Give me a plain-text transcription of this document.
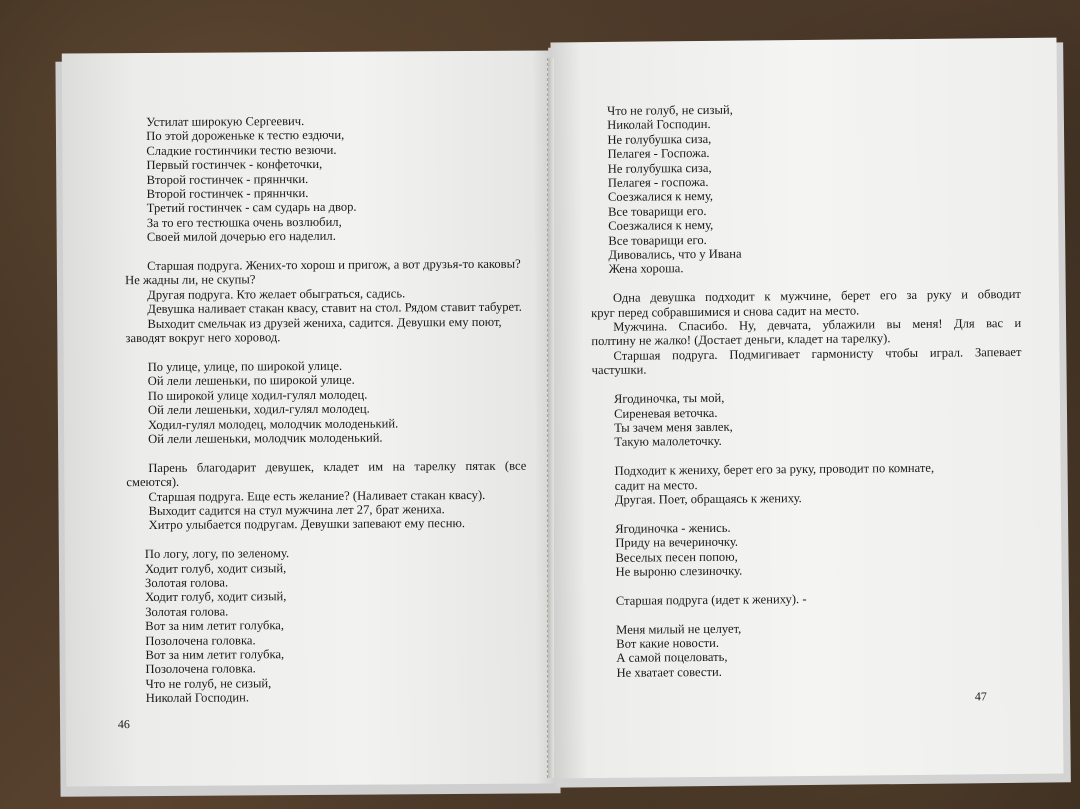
Устилат широкую Сергеевич.
По этой дороженьке к тестю ездючи,
Сладкие гостинчики тестю везючи.
Первый гостинчек - конфеточки,
Второй гостинчек - пряннчки.
Второй гостинчек - пряннчки.
Третий гостинчек - сам сударь на двор.
За то его тестюшка очень возлюбил,
Своей милой дочерью его наделил.
Старшая подруга. Жених-то хорош и пригож, а вот друзья-то каковы?
Не жадны ли, не скупы?
Другая подруга. Кто желает обыграться, садись.
Девушка наливает стакан квасу, ставит на стол. Рядом ставит табурет.
Выходит смельчак из друзей жениха, садится. Девушки ему поют,
заводят вокруг него хоровод.
По улице, улице, по широкой улице.
Ой лели лешеньки, по широкой улице.
По широкой улице ходил-гулял молодец.
Ой лели лешеньки, ходил-гулял молодец.
Ходил-гулял молодец, молодчик молоденький.
Ой лели лешеньки, молодчик молоденький.
Парень благодарит девушек, кладет им на тарелку пятак (все
смеются).
Старшая подруга. Еще есть желание? (Наливает стакан квасу).
Выходит садится на стул мужчина лет 27, брат жениха.
Хитро улыбается подругам. Девушки запевают ему песню.
По логу, логу, по зеленому.
Ходит голуб, ходит сизый,
Золотая голова.
Ходит голуб, ходит сизый,
Золотая голова.
Вот за ним летит голубка,
Позолочена головка.
Вот за ним летит голубка,
Позолочена головка.
Что не голуб, не сизый,
Николай Господин.
46
Что не голуб, не сизый,
Николай Господин.
Не голубушка сиза,
Пелагея - Госпожа.
Не голубушка сиза,
Пелагея - госпожа.
Соезжалися к нему,
Все товарищи его.
Соезжалися к нему,
Все товарищи его.
Дивовались, что у Ивана
Жена хороша.
Одна девушка подходит к мужчине, берет его за руку и обводит
круг перед собравшимися и снова садит на место.
Мужчина. Спасибо. Ну, девчата, ублажили вы меня! Для вас и
полтину не жалко! (Достает деньги, кладет на тарелку).
Старшая подруга. Подмигивает гармонисту чтобы играл. Запевает
частушки.
Ягодиночка, ты мой,
Сиреневая веточка.
Ты зачем меня завлек,
Такую малолеточку.
Подходит к жениху, берет его за руку, проводит по комнате,
садит на место.
Другая. Поет, обращаясь к жениху.
Ягодиночка - женись.
Приду на вечериночку.
Веселых песен попою,
Не выроню слезиночку.
Старшая подруга (идет к жениху). -
Меня милый не целует,
Вот какие новости.
А самой поцеловать,
Не хватает совести.
47
